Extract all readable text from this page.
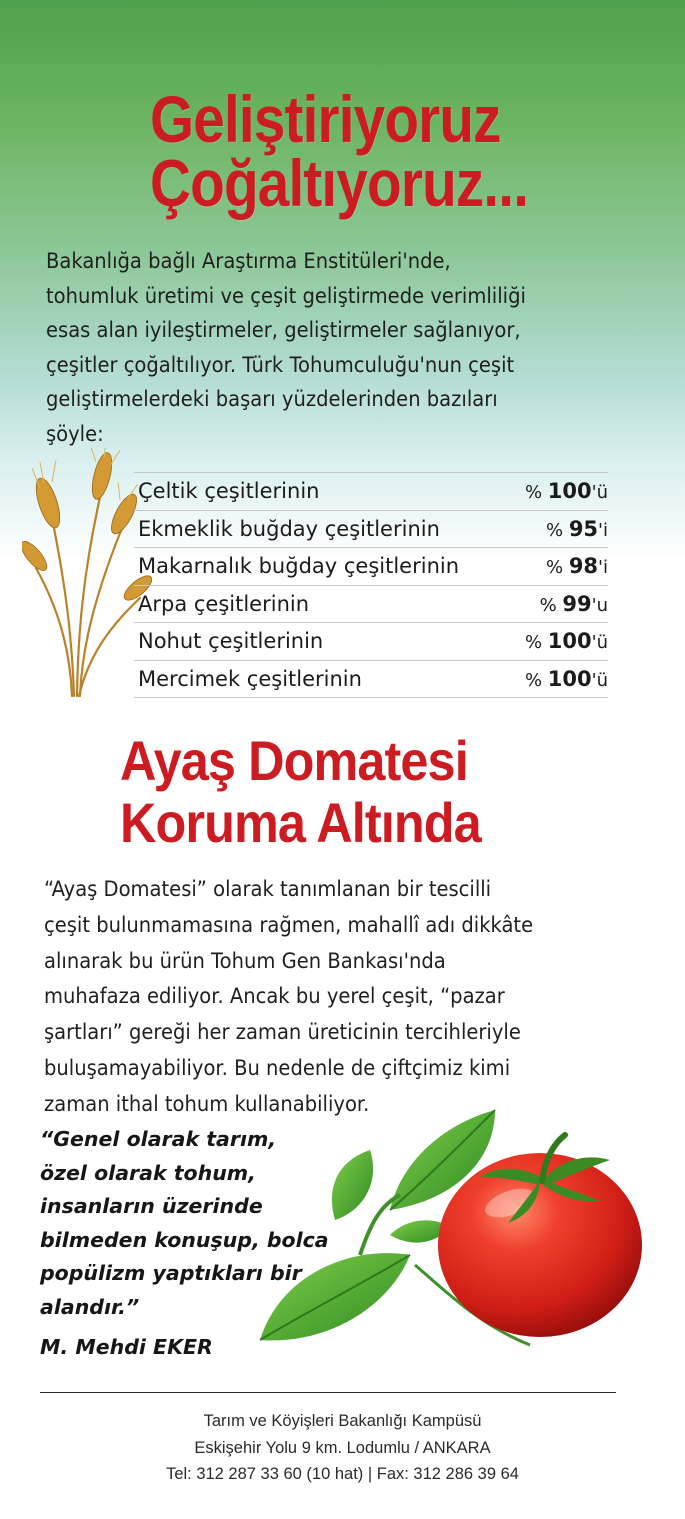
Geliştiriyoruz
Çoğaltıyoruz...
Bakanlığa bağlı Araştırma Enstitüleri'nde,
tohumluk üretimi ve çeşit geliştirmede verimliliği
esas alan iyileştirmeler, geliştirmeler sağlanıyor,
çeşitler çoğaltılıyor. Türk Tohumculuğu'nun çeşit
geliştirmelerdeki başarı yüzdelerinden bazıları
şöyle:
Çeltik çeşitlerinin	% 100'ü
Ekmeklik buğday çeşitlerinin	% 95'i
Makarnalık buğday çeşitlerinin	% 98'i
Arpa çeşitlerinin	% 99'u
Nohut çeşitlerinin	% 100'ü
Mercimek çeşitlerinin	% 100'ü
Ayaş Domatesi
Koruma Altında
“Ayaş Domatesi” olarak tanımlanan bir tescilli
çeşit bulunmamasına rağmen, mahallî adı dikkâte
alınarak bu ürün Tohum Gen Bankası'nda
muhafaza ediliyor. Ancak bu yerel çeşit, “pazar
şartları” gereği her zaman üreticinin tercihleriyle
buluşamayabiliyor. Bu nedenle de çiftçimiz kimi
zaman ithal tohum kullanabiliyor.
“Genel olarak tarım,
özel olarak tohum,
insanların üzerinde
bilmeden konuşup, bolca
popülizm yaptıkları bir
alandır.”
M. Mehdi EKER
Tarım ve Köyişleri Bakanlığı Kampüsü
Eskişehir Yolu 9 km. Lodumlu / ANKARA
Tel: 312 287 33 60 (10 hat) | Fax: 312 286 39 64
